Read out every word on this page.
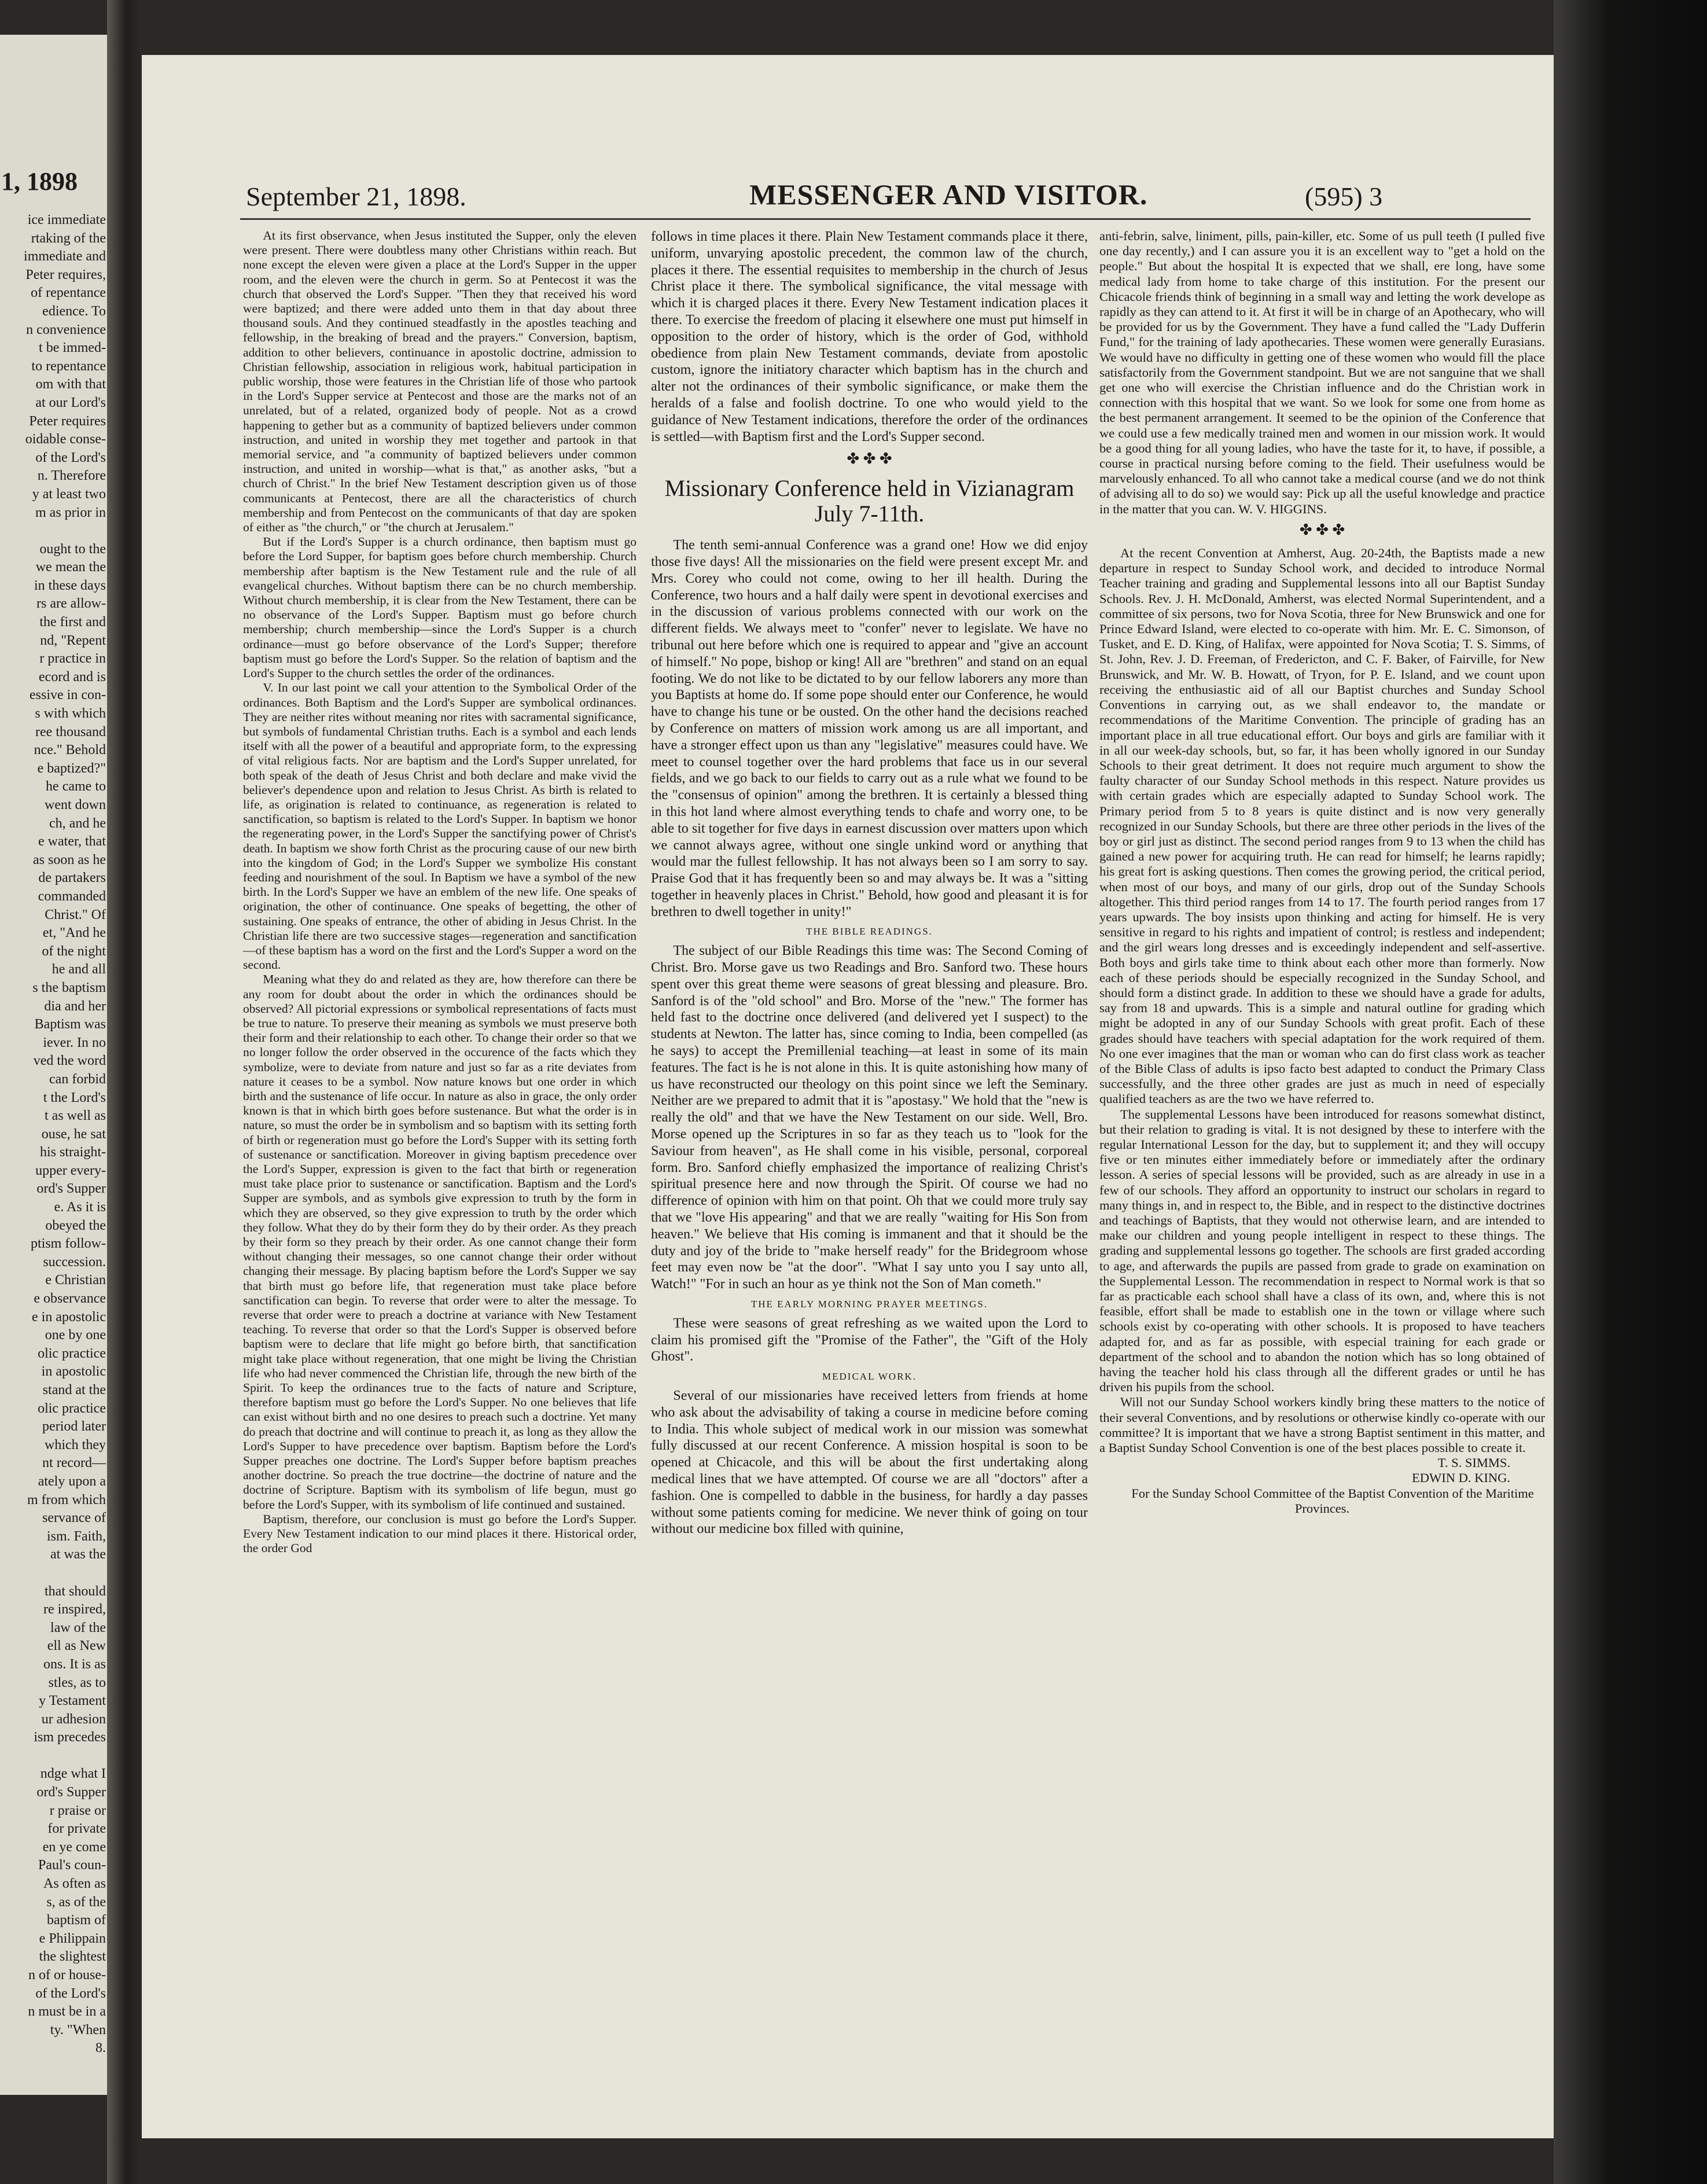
1, 1898
ice immediate
rtaking of the
immediate and
Peter requires,
of repentance
edience. To
n convenience
t be immed-
to repentance
om with that
at our Lord's
Peter requires
oidable conse-
of the Lord's
n. Therefore
y at least two
m as prior in

ought to the
we mean the
in these days
rs are allow-
the first and
nd, "Repent
r practice in
ecord and is
essive in con-
s with which
ree thousand
nce." Behold
e baptized?"
he came to
went down
ch, and he
e water, that
as soon as he
de partakers
commanded
Christ." Of
et, "And he
of the night
he and all
s the baptism
dia and her
Baptism was
iever. In no
ved the word
can forbid
t the Lord's
t as well as
ouse, he sat
his straight-
upper every-
ord's Supper
e. As it is
obeyed the
ptism follow-
succession.
e Christian
e observance
e in apostolic
one by one
olic practice
in apostolic
stand at the
olic practice
period later
which they
nt record—
ately upon a
m from which
servance of
ism. Faith,
at was the

that should
re inspired,
law of the
ell as New
ons. It is as
stles, as to
y Testament
ur adhesion
ism precedes

ndge what I
ord's Supper
r praise or
for private
en ye come
Paul's coun-
As often as
s, as of the
baptism of
e Philippain
the slightest
n of or house-
of the Lord's
n must be in a
ty. "When
8.
September 21, 1898.	MESSENGER AND VISITOR.	(595) 3

At its first observance, when Jesus instituted the Supper, only the eleven were present. There were doubtless many other Christians within reach. But none except the eleven were given a place at the Lord's Supper in the upper room, and the eleven were the church in germ. So at Pentecost it was the church that observed the Lord's Supper. "Then they that received his word were baptized; and there were added unto them in that day about three thousand souls. And they continued steadfastly in the apostles teaching and fellowship, in the breaking of bread and the prayers." Conversion, baptism, addition to other believers, continuance in apostolic doctrine, admission to Christian fellowship, association in religious work, habitual participation in public worship, those were features in the Christian life of those who partook in the Lord's Supper service at Pentecost and those are the marks not of an unrelated, but of a related, organized body of people. Not as a crowd happening to gether but as a community of baptized believers under common instruction, and united in worship they met together and partook in that memorial service, and "a community of baptized believers under common instruction, and united in worship—what is that," as another asks, "but a church of Christ." In the brief New Testament description given us of those communicants at Pentecost, there are all the characteristics of church membership and from Pentecost on the communicants of that day are spoken of either as "the church," or "the church at Jerusalem."

But if the Lord's Supper is a church ordinance, then baptism must go before the Lord Supper, for baptism goes before church membership. Church membership after baptism is the New Testament rule and the rule of all evangelical churches. Without baptism there can be no church membership. Without church membership, it is clear from the New Testament, there can be no observance of the Lord's Supper. Baptism must go before church membership; church membership—since the Lord's Supper is a church ordinance—must go before observance of the Lord's Supper; therefore baptism must go before the Lord's Supper. So the relation of baptism and the Lord's Supper to the church settles the order of the ordinances.

V. In our last point we call your attention to the Symbolical Order of the ordinances. Both Baptism and the Lord's Supper are symbolical ordinances. They are neither rites without meaning nor rites with sacramental significance, but symbols of fundamental Christian truths. Each is a symbol and each lends itself with all the power of a beautiful and appropriate form, to the expressing of vital religious facts. Nor are baptism and the Lord's Supper unrelated, for both speak of the death of Jesus Christ and both declare and make vivid the believer's dependence upon and relation to Jesus Christ. As birth is related to life, as origination is related to continuance, as regeneration is related to sanctification, so baptism is related to the Lord's Supper. In baptism we honor the regenerating power, in the Lord's Supper the sanctifying power of Christ's death. In baptism we show forth Christ as the procuring cause of our new birth into the kingdom of God; in the Lord's Supper we symbolize His constant feeding and nourishment of the soul. In Baptism we have a symbol of the new birth. In the Lord's Supper we have an emblem of the new life. One speaks of origination, the other of continuance. One speaks of begetting, the other of sustaining. One speaks of entrance, the other of abiding in Jesus Christ. In the Christian life there are two successive stages—regeneration and sanctification—of these baptism has a word on the first and the Lord's Supper a word on the second.

Meaning what they do and related as they are, how therefore can there be any room for doubt about the order in which the ordinances should be observed? All pictorial expressions or symbolical representations of facts must be true to nature. To preserve their meaning as symbols we must preserve both their form and their relationship to each other. To change their order so that we no longer follow the order observed in the occurence of the facts which they symbolize, were to deviate from nature and just so far as a rite deviates from nature it ceases to be a symbol. Now nature knows but one order in which birth and the sustenance of life occur. In nature as also in grace, the only order known is that in which birth goes before sustenance. But what the order is in nature, so must the order be in symbolism and so baptism with its setting forth of birth or regeneration must go before the Lord's Supper with its setting forth of sustenance or sanctification. Moreover in giving baptism precedence over the Lord's Supper, expression is given to the fact that birth or regeneration must take place prior to sustenance or sanctification. Baptism and the Lord's Supper are symbols, and as symbols give expression to truth by the form in which they are observed, so they give expression to truth by the order which they follow. What they do by their form they do by their order. As they preach by their form so they preach by their order. As one cannot change their form without changing their messages, so one cannot change their order without changing their message. By placing baptism before the Lord's Supper we say that birth must go before life, that regeneration must take place before sanctification can begin. To reverse that order were to alter the message. To reverse that order were to preach a doctrine at variance with New Testament teaching. To reverse that order so that the Lord's Supper is observed before baptism were to declare that life might go before birth, that sanctification might take place without regeneration, that one might be living the Christian life who had never commenced the Christian life, through the new birth of the Spirit. To keep the ordinances true to the facts of nature and Scripture, therefore baptism must go before the Lord's Supper. No one believes that life can exist without birth and no one desires to preach such a doctrine. Yet many do preach that doctrine and will continue to preach it, as long as they allow the Lord's Supper to have precedence over baptism. Baptism before the Lord's Supper preaches one doctrine. The Lord's Supper before baptism preaches another doctrine. So preach the true doctrine—the doctrine of nature and the doctrine of Scripture. Baptism with its symbolism of life begun, must go before the Lord's Supper, with its symbolism of life continued and sustained.

Baptism, therefore, our conclusion is must go before the Lord's Supper. Every New Testament indication to our mind places it there. Historical order, the order God

follows in time places it there. Plain New Testament commands place it there, uniform, unvarying apostolic precedent, the common law of the church, places it there. The essential requisites to membership in the church of Jesus Christ place it there. The symbolical significance, the vital message with which it is charged places it there. Every New Testament indication places it there. To exercise the freedom of placing it elsewhere one must put himself in opposition to the order of history, which is the order of God, withhold obedience from plain New Testament commands, deviate from apostolic custom, ignore the initiatory character which baptism has in the church and alter not the ordinances of their symbolic significance, or make them the heralds of a false and foolish doctrine. To one who would yield to the guidance of New Testament indications, therefore the order of the ordinances is settled—with Baptism first and the Lord's Supper second.

✤ ✤ ✤
Missionary Conference held in Vizianagram July 7-11th.

The tenth semi-annual Conference was a grand one! How we did enjoy those five days! All the missionaries on the field were present except Mr. and Mrs. Corey who could not come, owing to her ill health. During the Conference, two hours and a half daily were spent in devotional exercises and in the discussion of various problems connected with our work on the different fields. We always meet to "confer" never to legislate. We have no tribunal out here before which one is required to appear and "give an account of himself." No pope, bishop or king! All are "brethren" and stand on an equal footing. We do not like to be dictated to by our fellow laborers any more than you Baptists at home do. If some pope should enter our Conference, he would have to change his tune or be ousted. On the other hand the decisions reached by Conference on matters of mission work among us are all important, and have a stronger effect upon us than any "legislative" measures could have. We meet to counsel together over the hard problems that face us in our several fields, and we go back to our fields to carry out as a rule what we found to be the "consensus of opinion" among the brethren. It is certainly a blessed thing in this hot land where almost everything tends to chafe and worry one, to be able to sit together for five days in earnest discussion over matters upon which we cannot always agree, without one single unkind word or anything that would mar the fullest fellowship. It has not always been so I am sorry to say. Praise God that it has frequently been so and may always be. It was a "sitting together in heavenly places in Christ." Behold, how good and pleasant it is for brethren to dwell together in unity!"

THE BIBLE READINGS.

The subject of our Bible Readings this time was: The Second Coming of Christ. Bro. Morse gave us two Readings and Bro. Sanford two. These hours spent over this great theme were seasons of great blessing and pleasure. Bro. Sanford is of the "old school" and Bro. Morse of the "new." The former has held fast to the doctrine once delivered (and delivered yet I suspect) to the students at Newton. The latter has, since coming to India, been compelled (as he says) to accept the Premillenial teaching—at least in some of its main features. The fact is he is not alone in this. It is quite astonishing how many of us have reconstructed our theology on this point since we left the Seminary. Neither are we prepared to admit that it is "apostasy." We hold that the "new is really the old" and that we have the New Testament on our side. Well, Bro. Morse opened up the Scriptures in so far as they teach us to "look for the Saviour from heaven", as He shall come in his visible, personal, corporeal form. Bro. Sanford chiefly emphasized the importance of realizing Christ's spiritual presence here and now through the Spirit. Of course we had no difference of opinion with him on that point. Oh that we could more truly say that we "love His appearing" and that we are really "waiting for His Son from heaven." We believe that His coming is immanent and that it should be the duty and joy of the bride to "make herself ready" for the Bridegroom whose feet may even now be "at the door". "What I say unto you I say unto all, Watch!" "For in such an hour as ye think not the Son of Man cometh."

THE EARLY MORNING PRAYER MEETINGS.

These were seasons of great refreshing as we waited upon the Lord to claim his promised gift the "Promise of the Father", the "Gift of the Holy Ghost".

MEDICAL WORK.

Several of our missionaries have received letters from friends at home who ask about the advisability of taking a course in medicine before coming to India. This whole subject of medical work in our mission was somewhat fully discussed at our recent Conference. A mission hospital is soon to be opened at Chicacole, and this will be about the first undertaking along medical lines that we have attempted. Of course we are all "doctors" after a fashion. One is compelled to dabble in the business, for hardly a day passes without some patients coming for medicine. We never think of going on tour without our medicine box filled with quinine,

anti-febrin, salve, liniment, pills, pain-killer, etc. Some of us pull teeth (I pulled five one day recently,) and I can assure you it is an excellent way to "get a hold on the people." But about the hospital It is expected that we shall, ere long, have some medical lady from home to take charge of this institution. For the present our Chicacole friends think of beginning in a small way and letting the work develope as rapidly as they can attend to it. At first it will be in charge of an Apothecary, who will be provided for us by the Government. They have a fund called the "Lady Dufferin Fund," for the training of lady apothecaries. These women were generally Eurasians. We would have no difficulty in getting one of these women who would fill the place satisfactorily from the Government standpoint. But we are not sanguine that we shall get one who will exercise the Christian influence and do the Christian work in connection with this hospital that we want. So we look for some one from home as the best permanent arrangement. It seemed to be the opinion of the Conference that we could use a few medically trained men and women in our mission work. It would be a good thing for all young ladies, who have the taste for it, to have, if possible, a course in practical nursing before coming to the field. Their usefulness would be marvelously enhanced. To all who cannot take a medical course (and we do not think of advising all to do so) we would say: Pick up all the useful knowledge and practice in the matter that you can. W. V. HIGGINS.

✤ ✤ ✤

At the recent Convention at Amherst, Aug. 20-24th, the Baptists made a new departure in respect to Sunday School work, and decided to introduce Normal Teacher training and grading and Supplemental lessons into all our Baptist Sunday Schools. Rev. J. H. McDonald, Amherst, was elected Normal Superintendent, and a committee of six persons, two for Nova Scotia, three for New Brunswick and one for Prince Edward Island, were elected to co-operate with him. Mr. E. C. Simonson, of Tusket, and E. D. King, of Halifax, were appointed for Nova Scotia; T. S. Simms, of St. John, Rev. J. D. Freeman, of Fredericton, and C. F. Baker, of Fairville, for New Brunswick, and Mr. W. B. Howatt, of Tryon, for P. E. Island, and we count upon receiving the enthusiastic aid of all our Baptist churches and Sunday School Conventions in carrying out, as we shall endeavor to, the mandate or recommendations of the Maritime Convention. The principle of grading has an important place in all true educational effort. Our boys and girls are familiar with it in all our week-day schools, but, so far, it has been wholly ignored in our Sunday Schools to their great detriment. It does not require much argument to show the faulty character of our Sunday School methods in this respect. Nature provides us with certain grades which are especially adapted to Sunday School work. The Primary period from 5 to 8 years is quite distinct and is now very generally recognized in our Sunday Schools, but there are three other periods in the lives of the boy or girl just as distinct. The second period ranges from 9 to 13 when the child has gained a new power for acquiring truth. He can read for himself; he learns rapidly; his great fort is asking questions. Then comes the growing period, the critical period, when most of our boys, and many of our girls, drop out of the Sunday Schools altogether. This third period ranges from 14 to 17. The fourth period ranges from 17 years upwards. The boy insists upon thinking and acting for himself. He is very sensitive in regard to his rights and impatient of control; is restless and independent; and the girl wears long dresses and is exceedingly independent and self-assertive. Both boys and girls take time to think about each other more than formerly. Now each of these periods should be especially recognized in the Sunday School, and should form a distinct grade. In addition to these we should have a grade for adults, say from 18 and upwards. This is a simple and natural outline for grading which might be adopted in any of our Sunday Schools with great profit. Each of these grades should have teachers with special adaptation for the work required of them. No one ever imagines that the man or woman who can do first class work as teacher of the Bible Class of adults is ipso facto best adapted to conduct the Primary Class successfully, and the three other grades are just as much in need of especially qualified teachers as are the two we have referred to.

The supplemental Lessons have been introduced for reasons somewhat distinct, but their relation to grading is vital. It is not designed by these to interfere with the regular International Lesson for the day, but to supplement it; and they will occupy five or ten minutes either immediately before or immediately after the ordinary lesson. A series of special lessons will be provided, such as are already in use in a few of our schools. They afford an opportunity to instruct our scholars in regard to many things in, and in respect to, the Bible, and in respect to the distinctive doctrines and teachings of Baptists, that they would not otherwise learn, and are intended to make our children and young people intelligent in respect to these things. The grading and supplemental lessons go together. The schools are first graded according to age, and afterwards the pupils are passed from grade to grade on examination on the Supplemental Lesson. The recommendation in respect to Normal work is that so far as practicable each school shall have a class of its own, and, where this is not feasible, effort shall be made to establish one in the town or village where such schools exist by co-operating with other schools. It is proposed to have teachers adapted for, and as far as possible, with especial training for each grade or department of the school and to abandon the notion which has so long obtained of having the teacher hold his class through all the different grades or until he has driven his pupils from the school.

Will not our Sunday School workers kindly bring these matters to the notice of their several Conventions, and by resolutions or otherwise kindly co-operate with our committee? It is important that we have a strong Baptist sentiment in this matter, and a Baptist Sunday School Convention is one of the best places possible to create it.

T. S. SIMMS.

EDWIN D. KING.

For the Sunday School Committee of the Baptist Convention of the Maritime Provinces.
